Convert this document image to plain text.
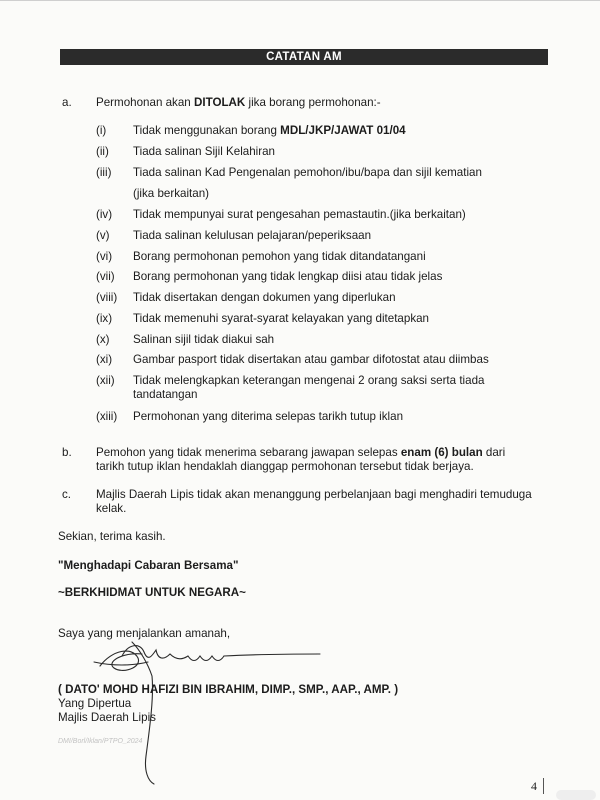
CATATAN AM
a. Permohonan akan DITOLAK jika borang permohonan:-
(i) Tidak menggunakan borang MDL/JKP/JAWAT 01/04
(ii) Tiada salinan Sijil Kelahiran
(iii) Tiada salinan Kad Pengenalan pemohon/ibu/bapa dan sijil kematian
(jika berkaitan)
(iv) Tidak mempunyai surat pengesahan pemastautin.(jika berkaitan)
(v) Tiada salinan kelulusan pelajaran/peperiksaan
(vi) Borang permohonan pemohon yang tidak ditandatangani
(vii) Borang permohonan yang tidak lengkap diisi atau tidak jelas
(viii) Tidak disertakan dengan dokumen yang diperlukan
(ix) Tidak memenuhi syarat-syarat kelayakan yang ditetapkan
(x) Salinan sijil tidak diakui sah
(xi) Gambar pasport tidak disertakan atau gambar difotostat atau diimbas
(xii) Tidak melengkapkan keterangan mengenai 2 orang saksi serta tiada
tandatangan
(xiii) Permohonan yang diterima selepas tarikh tutup iklan
b. Pemohon yang tidak menerima sebarang jawapan selepas enam (6) bulan dari
tarikh tutup iklan hendaklah dianggap permohonan tersebut tidak berjaya.
c. Majlis Daerah Lipis tidak akan menanggung perbelanjaan bagi menghadiri temuduga
kelak.
Sekian, terima kasih.
"Menghadapi Cabaran Bersama"
~BERKHIDMAT UNTUK NEGARA~
Saya yang menjalankan amanah,
( DATO' MOHD HAFIZI BIN IBRAHIM, DIMP., SMP., AAP., AMP. )
Yang Dipertua
Majlis Daerah Lipis
DMI/Borl/Iklan/PTPO_2024
4
